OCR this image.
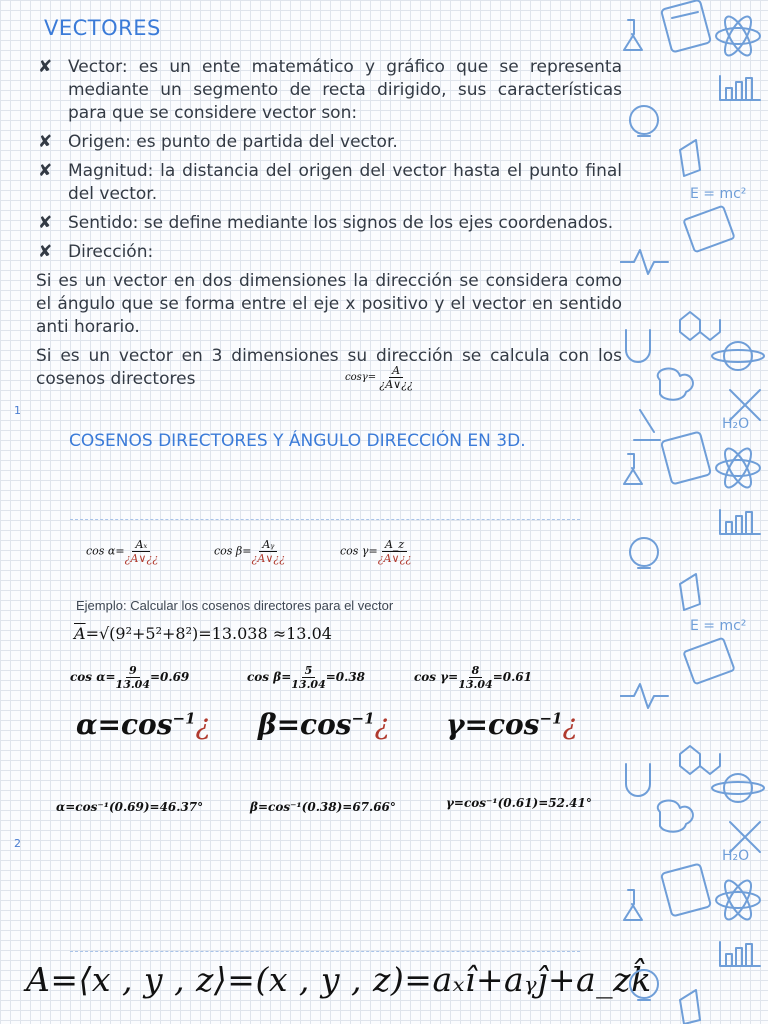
VECTORES
✘ Vector: es un ente matemático y gráfico que se representa mediante un segmento de recta dirigido, sus características para que se considere vector son:
✘ Origen: es punto de partida del vector.
✘ Magnitud: la distancia del origen del vector hasta el punto final del vector.
✘ Sentido: se define mediante los signos de los ejes coordenados.
✘ Dirección:
Si es un vector en dos dimensiones la dirección se considera como el ángulo que se forma entre el eje x positivo y el vector en sentido anti horario.
Si es un vector en 3 dimensiones su dirección se calcula con los cosenos directores	$\cos\gamma= \frac{A}{¿A\vee¿¿}$
1
2
COSENOS DIRECTORES Y ÁNGULO DIRECCIÓN EN 3D.
$\cos \alpha= \frac{\text{Aₓ}}{¿A\vee¿¿}$	$\cos \beta= \frac{\text{Aᵧ}}{¿A\vee¿¿}$	$\cos \gamma= \frac{A\_z}{¿A\vee¿¿}$
Ejemplo: Calcular los cosenos directores para el vector
$\overline{A}=√(9^2+5^2+8^2)=13.038 \approx 13.04$
$\cos \alpha= \frac{9}{13.04} =0.69$	$\cos \beta= \frac{5}{13.04} =0.38$	$\cos \gamma= \frac{8}{13.04} =0.61$
$\alpha=\cos^{-1}¿$ $\beta=\cos^{-1}¿$ $\gamma=\cos^{-1}¿$
α=cos⁻¹(0.69)=46.37°	β=cos⁻¹(0.38)=67.66°	γ=cos⁻¹(0.61)=52.41°
A=⟨x , y , z⟩=(x , y , z)=aₓî+aᵧĵ+a_zk̂
E = mc²
H₂O
E = mc²
H₂O
